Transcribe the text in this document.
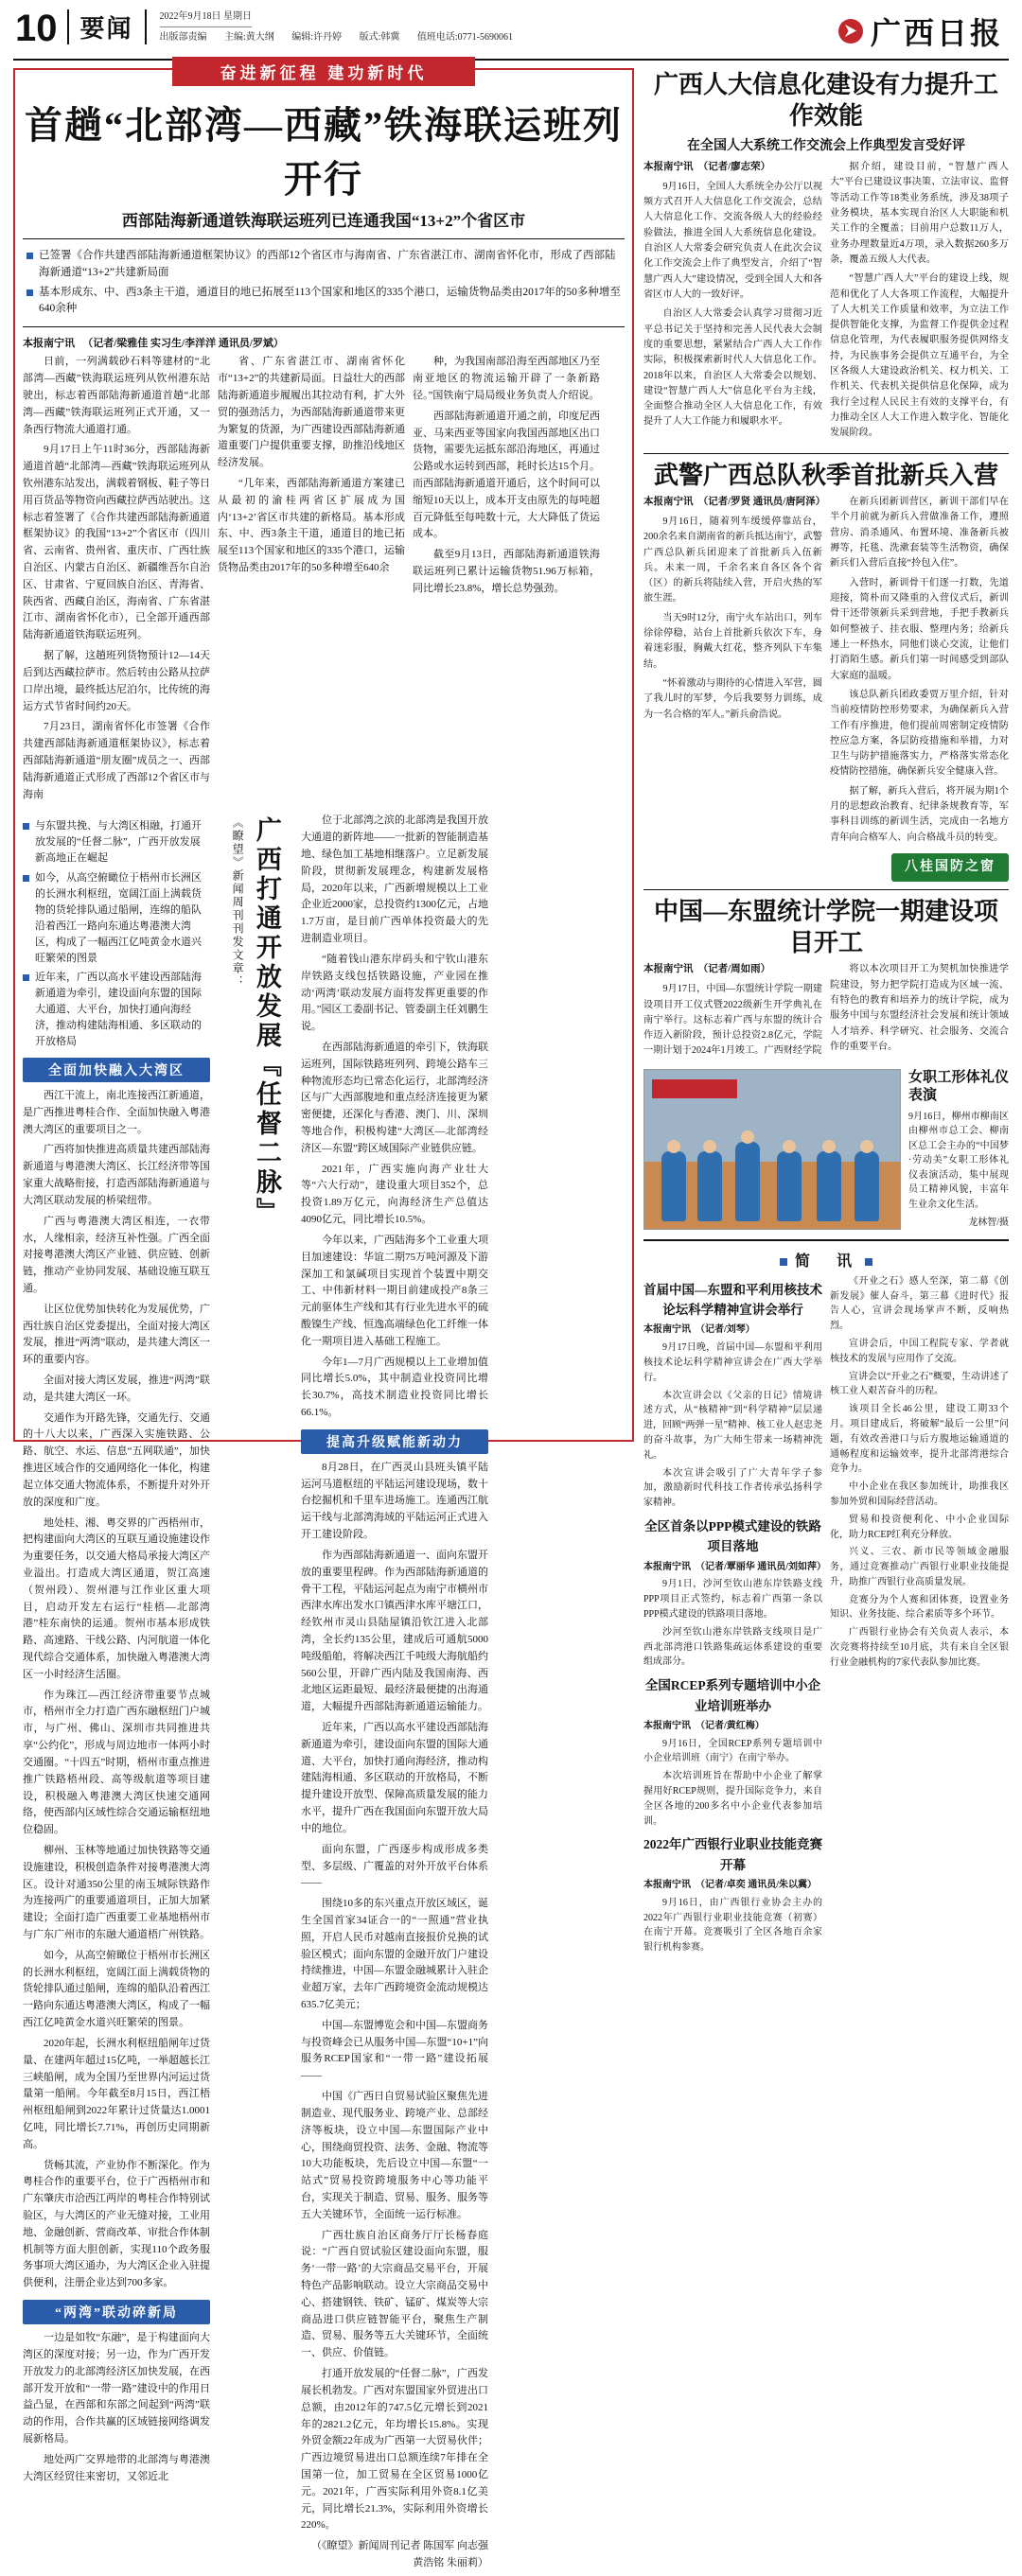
10 要闻	2022年9月18日 星期日
出版部责编 主编:黄大纲 编辑:许丹婷 版式:韩冀 值班电话:0771-5690061	广西日报
奋进新征程 建功新时代
首趟“北部湾—西藏”铁海联运班列开行
西部陆海新通道铁海联运班列已连通我国“13+2”个省区市
已签署《合作共建西部陆海新通道框架协议》的西部12个省区市与海南省、广东省湛江市、湖南省怀化市，形成了西部陆海新通道“13+2”共建新局面
基本形成东、中、西3条主干道，通道目的地已拓展至113个国家和地区的335个港口，运输货物品类由2017年的50多种增至640余种
本报南宁讯 　（记者/梁雅佳 实习生/李洋洋 通讯员/罗斌）

日前，一列满载砂石料等建材的“北部湾—西藏”铁海联运班列从钦州港东站驶出，标志着西部陆海新通道首趟“北部湾—西藏”铁海联运班列正式开通，又一条西行物流大通道打通。

9月17日上午11时36分，西部陆海新通道首趟“北部湾—西藏”铁海联运班列从钦州港东站发出，满载着钢板、鞋子等日用百货品等物资向西藏拉萨西站驶出。这标志着签署了《合作共建西部陆海新通道框架协议》的我国“13+2”个省区市（四川省、云南省、贵州省、重庆市、广西壮族自治区、内蒙古自治区、新疆维吾尔自治区、甘肃省、宁夏回族自治区、青海省、陕西省、西藏自治区，海南省、广东省湛江市、湖南省怀化市），已全部开通西部陆海新通道铁海联运班列。

据了解，这趟班列货物预计12—14天后到达西藏拉萨市。然后转由公路从拉萨口岸出境，最终抵达尼泊尔，比传统的海运方式节省时间约20天。

7月23日，湖南省怀化市签署《合作共建西部陆海新通道框架协议》，标志着西部陆海新通道“朋友圈”成员之一、西部陆海新通道正式形成了西部12个省区市与海南

省、广东省湛江市、湖南省怀化市“13+2”的共建新局面。日益壮大的西部陆海新通道步履履出其拉动有利，扩大外贸的强劲活力，为西部陆海新通道带来更为繁复的货源，为广西建设西部陆海新通道重要门户提供重要支撑，助推沿线地区经济发展。

“几年来，西部陆海新通道方案建已从最初的渝桂两省区扩展成为国内‘13+2’省区市共建的新格局。基本形成东、中、西3条主干道，通道目的地已拓展至113个国家和地区的335个港口，运输货物品类由2017年的50多种增至640余

种，为我国南部沿海至西部地区乃至南亚地区的物流运输开辟了一条新路径。”国铁南宁局局级业务负责人介绍说。

西部陆海新通道开通之前，印度尼西亚、马来西亚等国家向我国西部地区出口货物，需要先运抵东部沿海地区，再通过公路或水运转到西部，耗时长达15个月。而西部陆海新通道开通后，这个时间可以缩短10天以上，成本开支由原先的每吨超百元降低至每吨数十元，大大降低了货运成本。

截至9月13日，西部陆海新通道铁海联运班列已累计运输货物51.96万标箱，同比增长23.8%，增长总势强劲。

与东盟共挽、与大湾区相融，打通开放发展的“任督二脉”，广西开放发展新高地正在崛起
如今，从高空俯瞰位于梧州市长洲区的长洲水利枢纽，宽阔江面上满载货物的货轮排队通过船闸，连绵的船队沿着西江一路向东通达粤港澳大湾区，构成了一幅西江亿吨黄金水道兴旺繁荣的图景
近年来，广西以高水平建设西部陆海新通道为牵引，建设面向东盟的国际大通道、大平台，加快打通向海经济，推动构建陆海相通、多区联动的开放格局
全面加快融入大湾区

西江干流上，南北连接西江新通道，是广西推进粤桂合作、全面加快融入粤港澳大湾区的重要项目之一。

广西将加快推进高质量共建西部陆海新通道与粤港澳大湾区、长江经济带等国家重大战略衔接，打造西部陆海新通道与大湾区联动发展的桥梁纽带。

广西与粤港澳大湾区相连，一衣带水，人缘相亲，经济互补性强。广西全面对接粤港澳大湾区产业链、供应链、创新链，推动产业协同发展、基础设施互联互通。

让区位优势加快转化为发展优势，广西壮族自治区党委提出，全面对接大湾区发展，推进“两湾”联动，是共建大湾区一环的重要内容。

全面对接大湾区发展，推进“两湾”联动，是共建大湾区一环。

交通作为开路先锋，交通先行、交通的十八大以来，广西深入实施铁路、公路、航空、水运、信息“五网联通”，加快推进区域合作的交通网络化一体化，构建起立体交通大物流体系，不断提升对外开放的深度和广度。

地处桂、湘、粤交界的广西梧州市，把构建面向大湾区的互联互通设施建设作为重要任务，以交通大格局承接大湾区产业溢出。打造成大湾区通道，贺江高速（贺州段）、贺州港与江作业区重大项目，启动开发左右运行“桂梧—北部湾港”桂东南快的运通。贺州市基本形成铁路、高速路、干线公路、内河航道一体化现代综合交通体系，加快融入粤港澳大湾区一小时经济生活圈。

作为珠江—西江经济带重要节点城市，梧州市全力打造广西东融枢纽门户城市，与广州、佛山、深圳市共同推进共享“公约化”，形成与周边地市一体两小时交通圈。“十四五”时期，梧州市重点推进推广铁路梧州段、高等级航道等项目建设，积极融入粤港澳大湾区快速交通网络，使西部内区域性综合交通运输枢纽地位稳固。

柳州、玉林等地通过加快铁路等交通设施建设，积极创造条件对接粤港澳大湾区。设计对通350公里的南玉城际铁路作为连接两广的重要通道项目，正加大加紧建设；全面打造广西重要工业基地梧州市与广东广州市的东融大通道梧广州铁路。

如今，从高空俯瞰位于梧州市长洲区的长洲水利枢纽，宽阔江面上满载货物的货轮排队通过船闸，连绵的船队沿着西江一路向东通达粤港澳大湾区，构成了一幅西江亿吨黄金水道兴旺繁荣的图景。

2020年起，长洲水利枢纽船闸年过货量、在建两年超过15亿吨，一举超越长江三峡船闸，成为全国乃至世界内河运过货量第一船闸。今年截至8月15日，西江梧州枢纽船闸到2022年累计过货量达1.0001亿吨，同比增长7.71%，再创历史同期新高。

货畅其流，产业协作不断深化。作为粤桂合作的重要平台，位于广西梧州市和广东肇庆市洽西江两岸的粤桂合作特别试验区，与大湾区的产业无缝对接，工业用地、金融创新、营商改革、审批合作体制机制等方面大胆创新，实现110个政务服务事项大湾区通办，为大湾区企业入驻提供便利，注册企业达到700多家。

“两湾”联动碎新局

一边是如牧“东融”，是于构建面向大湾区的深度对接；另一边，作为广西开发开放发力的北部湾经济区加快发展，在西部开发开放和“一带一路”建设中的作用日益凸显，在西部和东部之间起到“两湾”联动的作用，合作共赢的区域链接网络调发展新格局。

地处两广交界地带的北部湾与粤港澳大湾区经贸往来密切，又邻近北

《瞭望》新闻周刊刊发文章： 广西打通开放发展『任督二脉』	位于北部湾之滨的北部湾是我国开放大通道的新阵地——一批新的智能制造基地、绿色加工基地相继落户。立足新发展阶段，贯彻新发展理念，构建新发展格局，2020年以来，广西新增规模以上工业企业近2000家，总投资约1300亿元，占地1.7万亩，是目前广西单体投资最大的先进制造业项目。

“随着钱山港东岸码头和宁钦山港东岸铁路支线包括铁路设施，产业园在推动‘两湾’联动发展方面将发挥更重要的作用。”园区工委副书记、管委副主任刘鹏生说。

在西部陆海新通道的牵引下，铁海联运班列，国际铁路班列列、跨境公路车三种物流形态均已常态化运行，北部湾经济区与广大西部腹地和重点经济连接更为紧密便捷，还深化与香港、澳门、川、深圳等地合作，积极构建“大湾区—北部湾经济区—东盟”跨区域国际产业链供应链。

2021年，广西实施向海产业壮大等“六大行动”，建设重大项目352个，总投资1.89万亿元，向海经济生产总值达4090亿元，同比增长10.5%。

今年以来，广西陆海多个工业重大项目加速建设：华谊二期75万吨河源及下游深加工和氯碱项目实现首个装置中期交工、中伟新材料一期目前建成投产8条三元前驱体生产线和其有行业先进水平的硫酸镍生产线、恒逸高端绿色化工纤维一体化一期项目进入基础工程施工。

今年1—7月广西规模以上工业增加值同比增长5.0%，其中制造业投资同比增长30.7%，高技术制造业投资同比增长66.1%。

提高升级赋能新动力

8月28日，在广西灵山县班头镇平陆运河马道枢纽的平陆运河建设现场，数十台挖掘机和千里车进场施工。连通西江航运干线与北部湾海域的平陆运河正式进入开工建设阶段。

作为西部陆海新通道一、面向东盟开放的重要里程碑。作为西部陆海新通道的骨干工程，平陆运河起点为南宁市横州市西津水库出发水口镇西津水库平塘江口，经钦州市灵山县陆屋镇沿钦江进入北部湾，全长约135公里，建成后可通航5000吨级船舶，将解决西江千吨级大海航船约560公里，开辟广西内陆及我国南海、西北地区运距最短、最经济最便捷的出海通道，大幅提升西部陆海新通道运输能力。

近年来，广西以高水平建设西部陆海新通道为牵引，建设面向东盟的国际大通道、大平台，加快打通向海经济，推动构建陆海相通、多区联动的开放格局，不断提升建设开放型、保障高质量发展的能力水平，提升广西在我国面向东盟开放大局中的地位。

面向东盟，广西逐步构成形成多类型、多层级、广覆盖的对外开放平台体系——

围绕10多的东兴重点开放区域区，诞生全国首家34证合一的“一照通”营业执照，开启人民币对越南直接报价兑换的试验区模式；面向东盟的金融开放门户建设持续推进，中国—东盟金融城累计入驻企业超万家，去年广西跨境资金流动规模达635.7亿美元；

中国—东盟博览会和中国—东盟商务与投资峰会已从服务中国—东盟“10+1”向服务RCEP国家和“一带一路”建设拓展——

中国《广西日自贸易试验区聚焦先进制造业、现代服务业、跨境产业、总部经济等板块，设立中国—东盟国际产业中心，围绕商贸投资、法务、金融、物流等10大功能板块，先后设立中国—东盟“一站式”贸易投资跨境服务中心等功能平台，实现关于制造、贸易、服务、服务等五大关键环节，全面统一运行标准。

广西壮族自治区商务厅厅长杨春庭说：“广西自贸试验区建设面向东盟，服务‘一带一路’的大宗商品交易平台，开展特色产品影响联动。设立大宗商品交易中心、搭建钢铁、铁矿、锰矿、煤炭等大宗商品进口供应链智能平台，聚焦生产制造、贸易、服务等五大关键环节，全面统一、供应、价值链。

打通开放发展的“任督二脉”，广西发展长机勃发。广西对东盟国家外贸进出口总额，由2012年的747.5亿元增长到2021年的2821.2亿元，年均增长15.8%。实现外贸金额22年成为广西第一大贸易伙伴；广西边境贸易进出口总额连续7年排在全国第一位，加工贸易在全区贸易1000亿元。2021年，广西实际利用外资8.1亿美元，同比增长21.3%，实际利用外资增长220%。

（《瞭望》新闻周刊记者 陈国军 向志强 黄浩铭 朱丽莉）

广西人大信息化建设有力提升工作效能
在全国人大系统工作交流会上作典型发言受好评

本报南宁讯　（记者/廖志荣）

9月16日，全国人大系统全办公厅以视频方式召开人大信息化工作交流会，总结人大信息化工作、交流各级人大的经验经验做法，推进全国人大系统信息化建设。自治区人大常委会研究负责人在此次会议化工作交流会上作了典型发言，介绍了“智慧广西人大”建设情况，受到全国人大和各省区市人大的一致好评。

自治区人大常委会认真学习贯彻习近平总书记关于坚持和完善人民代表大会制度的重要思想，紧紧结合广西人大工作作实际，积极探索新时代人大信息化工作。2018年以来，自治区人大常委会以规划、建设“智慧广西人大”信息化平台为主线，全面整合推动全区人大信息化工作，有效提升了人大工作能力和履职水平。

据介绍，建设目前，“智慧广西人大”平台已建设议事决策、立法审议、监督等活动工作等18类业务系统，涉及38项子业务模块，基本实现自治区人大职能和机关工作的全覆盖；目前用户总数11万人，业务办理数量近4万项，录入数据260多万条，覆盖五级人大代表。

“智慧广西人大”平台的建设上线，规范和优化了人大各项工作流程，大幅提升了人大机关工作质量和效率，为立法工作提供智能化支撑，为监督工作提供金过程信息化管理，为代表履职服务提供网络支持，为民族事务会提供立互通平台，为全区各级人大建设政治机关、权力机关、工作机关、代表机关提供信息化保障，成为我行全过程人民民主有效的支撑平台，有力推动全区人大工作进入数字化、智能化发展阶段。

武警广西总队秋季首批新兵入营

本报南宁讯　（记者/罗贤 通讯员/唐阿泽）

9月16日，随着列车缓缓停靠站台，200余名来自湖南省的新兵抵达南宁，武警广西总队新兵团迎来了首批新兵入伍新兵。未来一周，千余名来自各区各个省（区）的新兵将陆续入营，开启火热的军旅生涯。

当天9时12分，南宁火车站出口，列车徐徐停稳，站台上首批新兵依次下车，身着迷彩服，胸戴大红花，整齐列队下车集结。

“怀着激动与期待的心情进入军营，圆了我儿时的军梦，今后我要努力训练，成为一名合格的军人。”新兵俞浩说。

在新兵团新训营区，新训干部们早在半个月前就为新兵入营做准备工作，遵照营房、消杀通风、布置环境、准备新兵被褥等，托毯、洗漱套装等生活物资，确保新兵们入营后直接“拎包入住”。

入营时，新训骨干们逐一打数，先道迎接，简朴而又隆重的入营仪式后，新训骨干还带领新兵采到营地，手把手教新兵如何整被子、挂衣服、整理内务；给新兵递上一杯热水，同他们谈心交流，让他们打消陌生感。新兵们第一时间感受到部队大家庭的温暖。

该总队新兵团政委贾万里介绍，针对当前疫情防控形势要求，为确保新兵入营工作有序推进，他们提前周密制定疫情防控应急方案，各层防疫措施和举措，力对卫生与防护措施落实力，严格落实常态化疫情防控措施，确保新兵安全健康入营。

据了解，新兵入营后，将开展为期1个月的思想政治教育、纪律条规教育等，军事科目训练的新训生活，完成由一名地方青年向合格军人、向合格战斗员的转变。

八桂国防之窗
中国—东盟统计学院一期建设项目开工

本报南宁讯　（记者/周如雨）

9月17日，中国—东盟统计学院一期建设项目开工仪式暨2022级新生开学典礼在南宁举行。这标志着广西与东盟的统计合作迈入新阶段，预计总投资2.8亿元，学院一期计划于2024年1月竣工。广西财经学院

将以本次项目开工为契机加快推进学院建设，努力把学院打造成为区域一流、有特色的教育和培养力的统计学院，成为服务中国与东盟经济社会发展和统计领域人才培养、科学研究、社会服务、交流合作的重要平台。

女职工形体礼仪表演
9月16日，柳州市柳南区由柳州市总工会、柳南区总工会主办的“中国梦·劳动美”女职工形体礼仪表演活动，集中展现员工精神风貌，丰富年生业余文化生活。
龙林智/摄
简　讯
首届中国—东盟和平利用核技术论坛科学精神宣讲会举行

本报南宁讯　（记者/刘琴）

9月17日晚，首届中国—东盟和平利用核技术论坛科学精神宣讲会在广西大学举行。

本次宣讲会以《父亲的日记》情境讲述方式，从“核精神”到“科学精神”层层递进，回顾“两弹一星”精神、核工业人赵忠尧的奋斗故事，为广大师生带来一场精神洗礼。

本次宣讲会吸引了广大青年学子参加，激励新时代科技工作者传承弘扬科学家精神。

全区首条以PPP模式建设的铁路项目落地

本报南宁讯　（记者/覃丽华 通讯员/刘如萍）

9月1日，沙河至钦山港东岸铁路支线PPP项目正式签约，标志着广西第一条以PPP模式建设的铁路项目落地。

沙河至钦山港东岸铁路支线项目是广西北部湾港口铁路集疏运体系建设的重要组成部分。

全国RCEP系列专题培训中小企业培训班举办

本报南宁讯　（记者/黄红梅）

9月16日，全国RCEP系列专题培训中小企业培训班（南宁）在南宁举办。

本次培训班旨在帮助中小企业了解掌握用好RCEP规则，提升国际竞争力，来自全区各地的200多名中小企业代表参加培训。

2022年广西银行业职业技能竞赛开幕

本报南宁讯　（记者/卓奕 通讯员/朱以冀）

9月16日，由广西银行业协会主办的2022年广西银行业职业技能竞赛（初赛）在南宁开幕。竞赛吸引了全区各地百余家银行机构参赛。

《开业之石》感人至深，第二幕《创新发展》催人奋斗，第三幕《进时代》报告人心，宣讲会现场掌声不断，反响热烈。

宣讲会后，中国工程院专家、学者就核技术的发展与应用作了交流。

宣讲会以“开业之石”概要，生动讲述了核工业人艰苦奋斗的历程。

该项目全长46公里，建设工期33个月。项目建成后，将破解“最后一公里”问题，有效改善港口与后方腹地运输通道的通畅程度和运输效率，提升北部湾港综合竞争力。

中小企业在我区参加统计，助推我区参加外贸和国际经营活动。

贸易和投资便利化、中小企业国际化，助力RCEP红利充分释放。

兴义、三农、新市民等领域金融服务，通过竞赛推动广西银行业职业技能提升，助推广西银行业高质量发展。

竞赛分为个人赛和团体赛，设置业务知识、业务技能、综合素质等多个环节。

广西银行业协会有关负责人表示，本次竞赛将持续至10月底，共有来自全区银行业金融机构的7家代表队参加比赛。
